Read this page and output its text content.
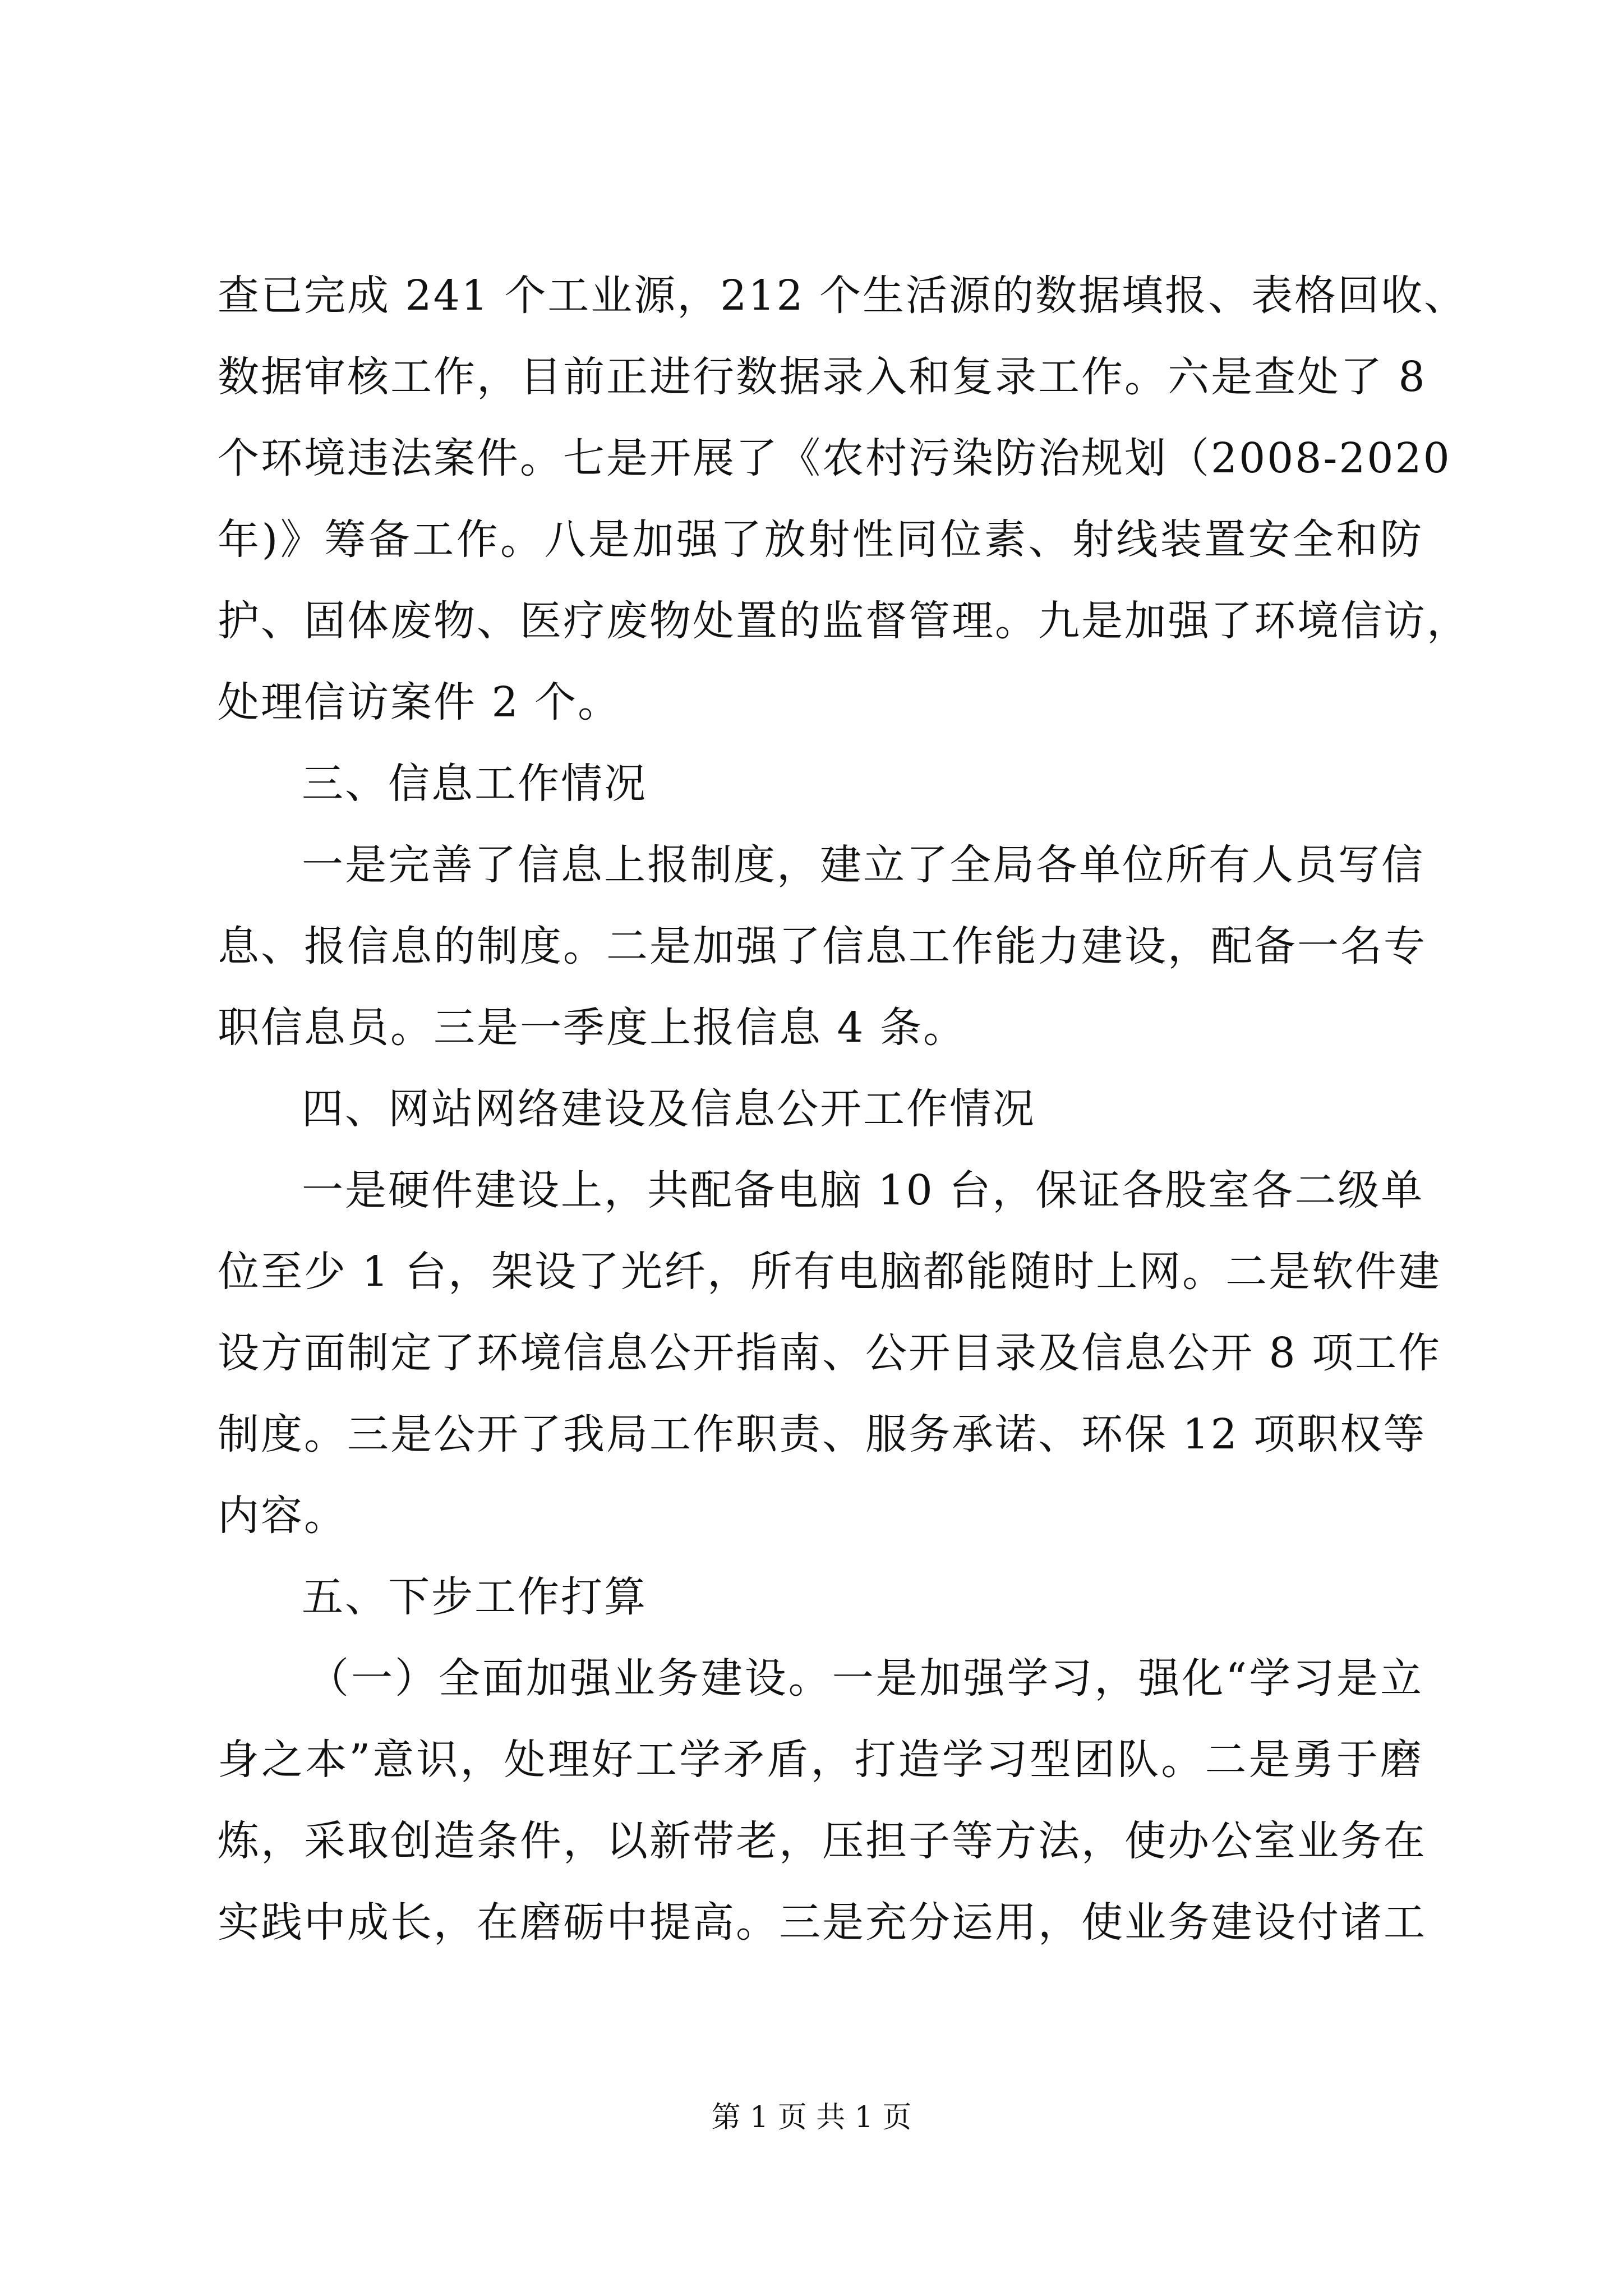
查已完成 241 个工业源，212 个生活源的数据填报、表格回收、
数据审核工作，目前正进行数据录入和复录工作。六是查处了 8
个环境违法案件。七是开展了《农村污染防治规划（2008-2020
年)》筹备工作。八是加强了放射性同位素、射线装置安全和防
护、固体废物、医疗废物处置的监督管理。九是加强了环境信访，
处理信访案件 2 个。
三、信息工作情况
一是完善了信息上报制度，建立了全局各单位所有人员写信
息、报信息的制度。二是加强了信息工作能力建设，配备一名专
职信息员。三是一季度上报信息 4 条。
四、网站网络建设及信息公开工作情况
一是硬件建设上，共配备电脑 10 台，保证各股室各二级单
位至少 1 台，架设了光纤，所有电脑都能随时上网。二是软件建
设方面制定了环境信息公开指南、公开目录及信息公开 8 项工作
制度。三是公开了我局工作职责、服务承诺、环保 12 项职权等
内容。
五、下步工作打算
（一）全面加强业务建设。一是加强学习，强化“学习是立
身之本”意识，处理好工学矛盾，打造学习型团队。二是勇于磨
炼，采取创造条件，以新带老，压担子等方法，使办公室业务在
实践中成长，在磨砺中提高。三是充分运用，使业务建设付诸工
第 1 页 共 1 页
